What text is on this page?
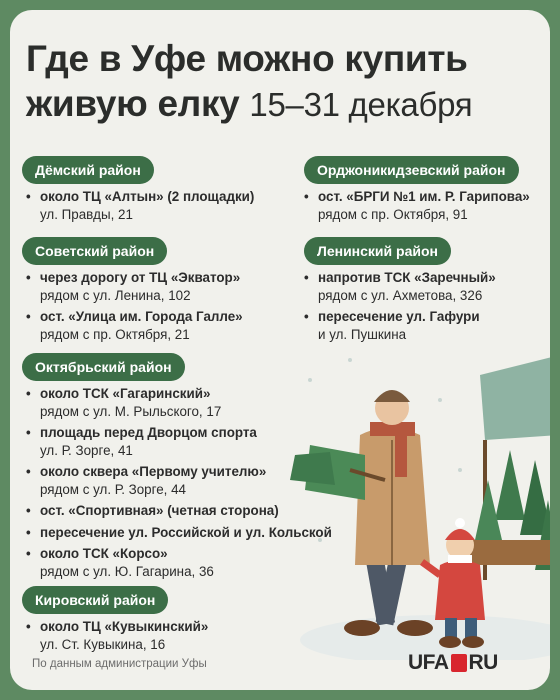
Где в Уфе можно купить
живую елку 15–31 декабря
Дёмский район
• около ТЦ «Алтын» (2 площадки)
ул. Правды, 21
Орджоникидзевский район
• ост. «БРГИ №1 им. Р. Гарипова»
рядом с пр. Октября, 91
Советский район
• через дорогу от ТЦ «Экватор»
рядом с ул. Ленина, 102
• ост. «Улица им. Города Галле»
рядом с пр. Октября, 21
Ленинский район
• напротив ТСК «Заречный»
рядом с ул. Ахметова, 326
• пересечение ул. Гафури
и ул. Пушкина
Октябрьский район
• около ТСК «Гагаринский»
рядом с ул. М. Рыльского, 17
• площадь перед Дворцом спорта
ул. Р. Зорге, 41
• около сквера «Первому учителю»
рядом с ул. Р. Зорге, 44
• ост. «Спортивная» (четная сторона)
• пересечение ул. Российской и ул. Кольской
• около ТСК «Корсо»
рядом с ул. Ю. Гагарина, 36
Кировский район
• около ТЦ «Кувыкинский»
ул. Ст. Кувыкина, 16
По данным администрации Уфы	UFA RU
